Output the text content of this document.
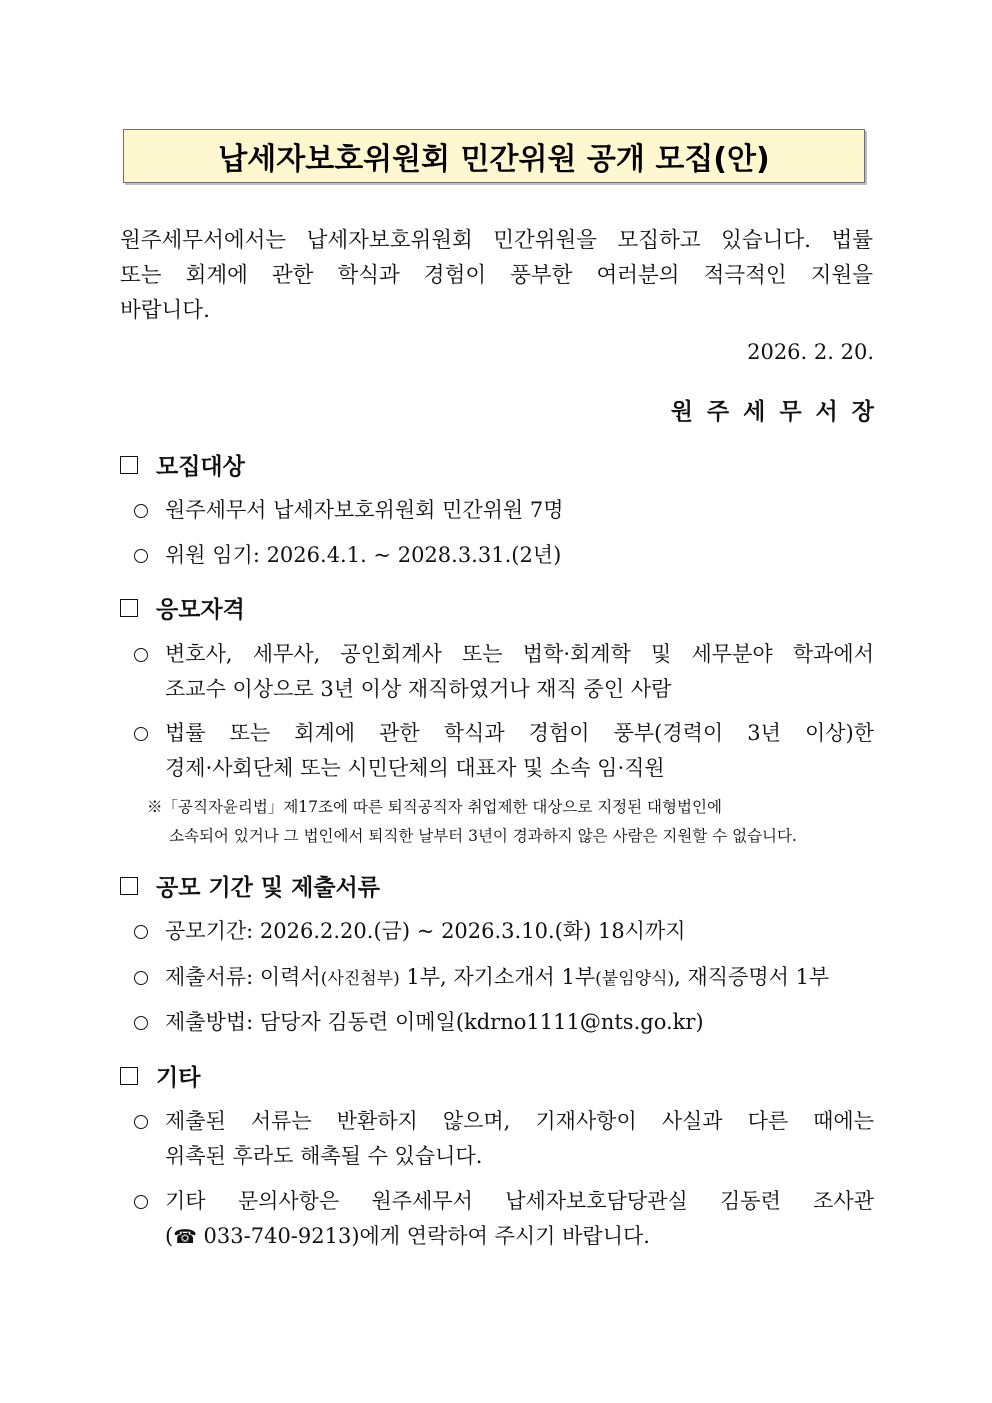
납세자보호위원회 민간위원 공개 모집(안)
원주세무서에서는 납세자보호위원회 민간위원을 모집하고 있습니다. 법률
또는 회계에 관한 학식과 경험이 풍부한 여러분의 적극적인 지원을
바랍니다.
2026. 2. 20.
원주세무서장
모집대상
원주세무서 납세자보호위원회 민간위원 7명
위원 임기: 2026.4.1. ~ 2028.3.31.(2년)
응모자격
변호사, 세무사, 공인회계사 또는 법학·회계학 및 세무분야 학과에서
조교수 이상으로 3년 이상 재직하였거나 재직 중인 사람
법률 또는 회계에 관한 학식과 경험이 풍부(경력이 3년 이상)한
경제·사회단체 또는 시민단체의 대표자 및 소속 임·직원
※「공직자윤리법」제17조에 따른 퇴직공직자 취업제한 대상으로 지정된 대형법인에
소속되어 있거나 그 법인에서 퇴직한 날부터 3년이 경과하지 않은 사람은 지원할 수 없습니다.
공모 기간 및 제출서류
공모기간: 2026.2.20.(금) ~ 2026.3.10.(화) 18시까지
제출서류: 이력서(사진첨부) 1부, 자기소개서 1부(붙임양식), 재직증명서 1부
제출방법: 담당자 김동련 이메일(kdrno1111@nts.go.kr)
기타
제출된 서류는 반환하지 않으며, 기재사항이 사실과 다른 때에는
위촉된 후라도 해촉될 수 있습니다.
기타 문의사항은 원주세무서 납세자보호담당관실 김동련 조사관
(☎ 033-740-9213)에게 연락하여 주시기 바랍니다.
